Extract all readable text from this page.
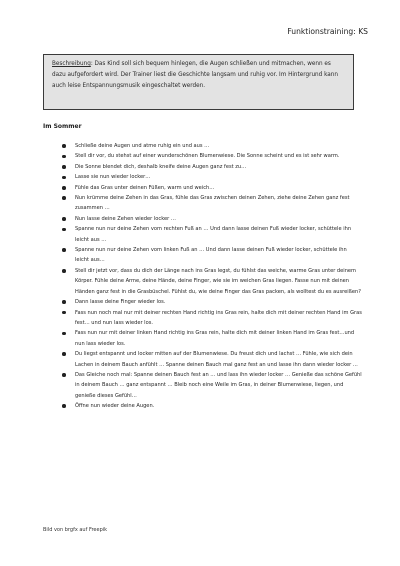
Funktionstraining: KS
Beschreibung: Das Kind soll sich bequem hinlegen, die Augen schließen und mitmachen, wenn es dazu aufgefordert wird. Der Trainer liest die Geschichte langsam und ruhig vor. Im Hintergrund kann auch leise Entspannungsmusik eingeschaltet werden.
Im Sommer
Schließe deine Augen und atme ruhig ein und aus …
Stell dir vor, du stehst auf einer wunderschönen Blumenwiese. Die Sonne scheint und es ist sehr warm.
Die Sonne blendet dich, deshalb kneife deine Augen ganz fest zu…
Lasse sie nun wieder locker…
Fühle das Gras unter deinen Füßen, warm und weich…
Nun krümme deine Zehen in das Gras, fühle das Gras zwischen deinen Zehen, ziehe deine Zehen ganz fest zusammen …
Nun lasse deine Zehen wieder locker …
Spanne nun nur deine Zehen vom rechten Fuß an … Und dann lasse deinen Fuß wieder locker, schüttele ihn leicht aus …
Spanne nun nur deine Zehen vom linken Fuß an … Und dann lasse deinen Fuß wieder locker, schüttele ihn leicht aus…
Stell dir jetzt vor, dass du dich der Länge nach ins Gras legst, du fühlst das weiche, warme Gras unter deinem Körper. Fühle deine Arme, deine Hände, deine Finger, wie sie im weichen Gras liegen. Fasse nun mit deinen Händen ganz fest in die Grasbüschel. Fühlst du, wie deine Finger das Gras packen, als wolltest du es ausreißen?
Dann lasse deine Finger wieder los.
Fass nun noch mal nur mit deiner rechten Hand richtig ins Gras rein, halte dich mit deiner rechten Hand im Gras fest… und nun lass wieder los.
Fass nun nur mit deiner linken Hand richtig ins Gras rein, halte dich mit deiner linken Hand im Gras fest…und nun lass wieder los.
Du liegst entspannt und locker mitten auf der Blumenwiese. Du freust dich und lachst … Fühle, wie sich dein Lachen in deinem Bauch anfühlt … Spanne deinen Bauch mal ganz fest an und lasse ihn dann wieder locker …
Das Gleiche noch mal: Spanne deinen Bauch fest an … und lass ihn wieder locker … Genieße das schöne Gefühl in deinem Bauch … ganz entspannt … Bleib noch eine Weile im Gras, in deiner Blumenwiese, liegen, und genieße dieses Gefühl…
Öffne nun wieder deine Augen.
Bild von brgfx auf Freepik
